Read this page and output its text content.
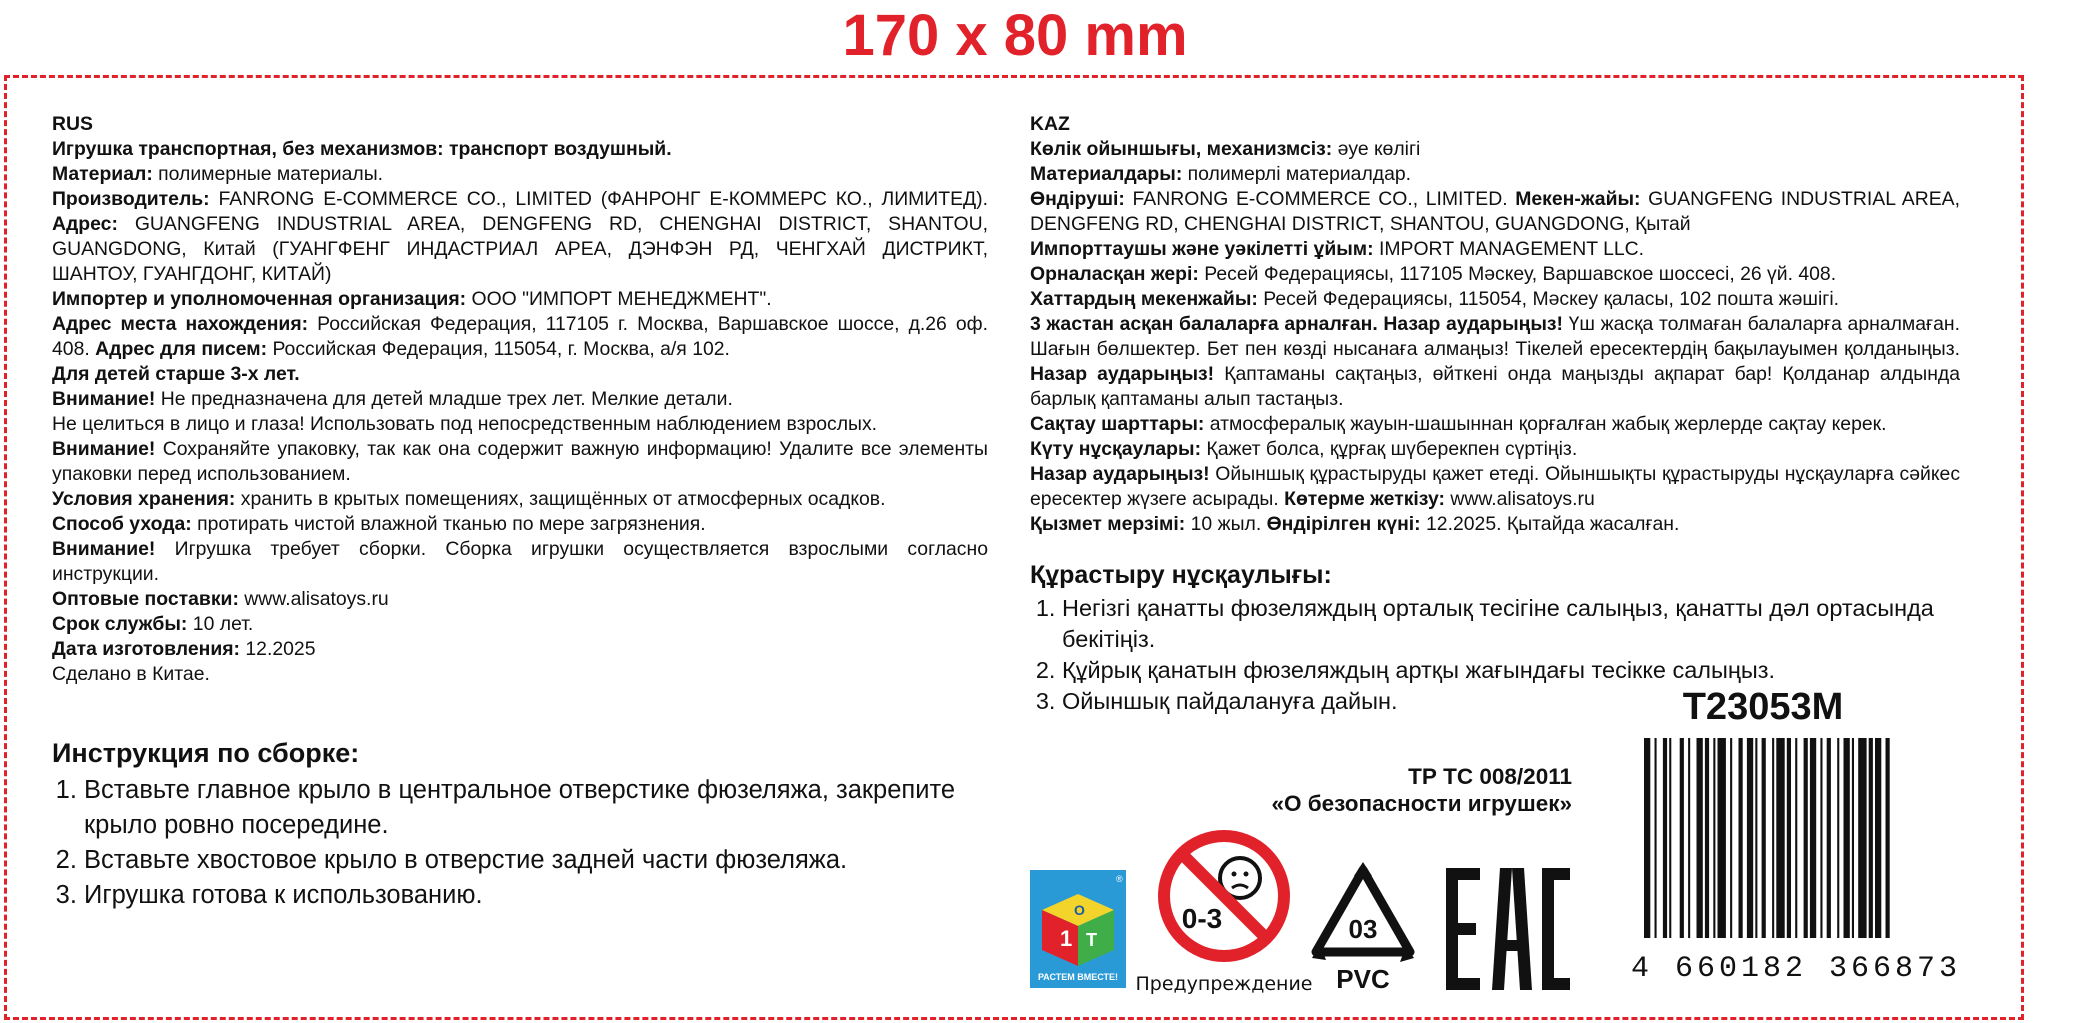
170 x 80 mm

RUS

Игрушка транспортная, без механизмов: транспорт воздушный.

Материал: полимерные материалы.

Производитель: FANRONG E-COMMERCE CO., LIMITED (ФАНРОНГ Е-КОММЕРС КО., ЛИМИТЕД). Адрес: GUANGFENG INDUSTRIAL AREA, DENGFENG RD, CHENGHAI DISTRICT, SHANTOU, GUANGDONG, Китай (ГУАНГФЕНГ ИНДАСТРИАЛ АРЕА, ДЭНФЭН РД, ЧЕНГХАЙ ДИСТРИКТ, ШАНТОУ, ГУАНГДОНГ, КИТАЙ)

Импортер и уполномоченная организация: ООО "ИМПОРТ МЕНЕДЖМЕНТ".

Адрес места нахождения: Российская Федерация, 117105 г. Москва, Варшавское шоссе, д.26 оф. 408. Адрес для писем: Российская Федерация, 115054, г. Москва, а/я 102.

Для детей старше 3-х лет.

Внимание! Не предназначена для детей младше трех лет. Мелкие детали.

Не целиться в лицо и глаза! Использовать под непосредственным наблюдением взрослых.

Внимание! Сохраняйте упаковку, так как она содержит важную информацию! Удалите все элементы упаковки перед использованием.

Условия хранения: хранить в крытых помещениях, защищённых от атмосферных осадков.

Способ ухода: протирать чистой влажной тканью по мере загрязнения.

Внимание! Игрушка требует сборки. Сборка игрушки осуществляется взрослыми согласно инструкции.

Оптовые поставки: www.alisatoys.ru

Срок службы: 10 лет.

Дата изготовления: 12.2025

Сделано в Китае.

Инструкция по сборке:
1. Вставьте главное крыло в центральное отверстике фюзеляжа, закрепите крыло ровно посередине.
2. Вставьте хвостовое крыло в отверстие задней части фюзеляжа.
3. Игрушка готова к использованию.

KAZ

Көлік ойыншығы, механизмсіз: әуе көлігі

Материалдары: полимерлі материалдар.

Өндіруші: FANRONG E-COMMERCE CO., LIMITED. Мекен-жайы: GUANGFENG INDUSTRIAL AREA, DENGFENG RD, CHENGHAI DISTRICT, SHANTOU, GUANGDONG, Қытай

Импорттаушы және уәкілетті ұйым: IMPORT MANAGEMENT LLC.

Орналасқан жері: Ресей Федерациясы, 117105 Мәскеу, Варшавское шоссесі, 26 үй. 408.

Хаттардың мекенжайы: Ресей Федерациясы, 115054, Мәскеу қаласы, 102 пошта жәшігі.

3 жастан асқан балаларға арналған. Назар аударыңыз! Үш жасқа толмаған балаларға арналмаған. Шағын бөлшектер. Бет пен көзді нысанаға алмаңыз! Тікелей ересектердің бақылауымен қолданыңыз. Назар аударыңыз! Қаптаманы сақтаңыз, өйткені онда маңызды ақпарат бар! Қолданар алдында барлық қаптаманы алып тастаңыз.

Сақтау шарттары: атмосфералық жауын-шашыннан қорғалған жабық жерлерде сақтау керек.

Күту нұсқаулары: Қажет болса, құрғақ шүберекпен сүртіңіз.

Назар аударыңыз! Ойыншық құрастыруды қажет етеді. Ойыншықты құрастыруды нұсқауларға сәйкес ересектер жүзеге асырады. Көтерме жеткізу: www.alisatoys.ru

Қызмет мерзімі: 10 жыл. Өндірілген күні: 12.2025. Қытайда жасалған.

Құрастыру нұсқаулығы:
1. Негізгі қанатты фюзеляждың орталық тесігіне салыңыз, қанатты дәл ортасында бекітіңіз.
2. Құйрық қанатын фюзеляждың артқы жағындағы тесікке салыңыз.
3. Ойыншық пайдалануға дайын.
ТР ТС 008/2011
«О безопасности игрушек»
T23053M
4 660182 366873
1 T
O
®
РАСТЕМ ВМЕСТЕ!
0-3
Предупреждение
03
PVC
